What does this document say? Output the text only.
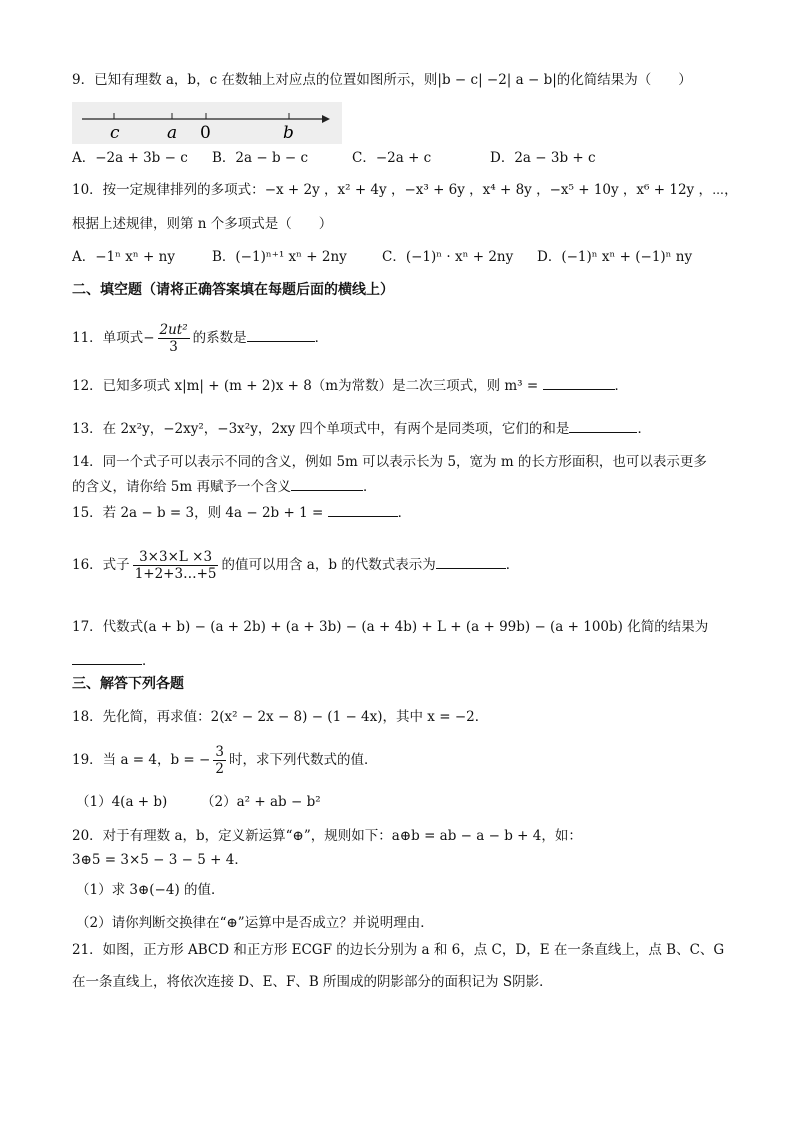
9．已知有理数 a，b，c 在数轴上对应点的位置如图所示，则|b − c| −2| a − b|的化简结果为（　　）
c	a 0	b
A．−2a + 3b − c B．2a − b − c	C．−2a + c	D．2a − 3b + c
10．按一定规律排列的多项式：−x + 2y ，x² + 4y ，−x³ + 6y ，x⁴ + 8y ，−x⁵ + 10y ，x⁶ + 12y ，⋯，
根据上述规律，则第 n 个多项式是（　　）
A．−1ⁿ xⁿ + ny	B．(−1)ⁿ⁺¹ xⁿ + 2ny	C．(−1)ⁿ · xⁿ + 2ny D．(−1)ⁿ xⁿ + (−1)ⁿ ny
二、填空题（请将正确答案填在每题后面的横线上）
11．单项式− $\frac{\text{2ut²}}{3}$ 的系数是	．
12．已知多项式 x|m| + (m + 2)x + 8（m为常数）是二次三项式，则 m³ =	．
13．在 2x²y，−2xy²，−3x²y，2xy 四个单项式中，有两个是同类项，它们的和是	．
14．同一个式子可以表示不同的含义，例如 5m 可以表示长为 5，宽为 m 的长方形面积，也可以表示更多
的含义，请你给 5m 再赋予一个含义	．
15．若 2a − b = 3，则 4a − 2b + 1 =	．
16．式子 $\frac{3\times 3\times L \times 3}{1+2+3\dots+5}$ 的值可以用含 a，b 的代数式表示为	．
17．代数式(a + b) − (a + 2b) + (a + 3b) − (a + 4b) + L + (a + 99b) − (a + 100b) 化简的结果为
．
三、解答下列各题
18．先化简，再求值：2(x² − 2x − 8) − (1 − 4x)，其中 x = −2．
19．当 a = 4，b = − $\frac{3}{2}$ 时，求下列代数式的值．
（1）4(a + b)　　　（2）a² + ab − b²
20．对于有理数 a，b，定义新运算“⊕”，规则如下：a⊕b = ab − a − b + 4，如：
3⊕5 = 3×5 − 3 − 5 + 4．
（1）求 3⊕(−4) 的值．
（2）请你判断交换律在“⊕”运算中是否成立？并说明理由．
21．如图，正方形 ABCD 和正方形 ECGF 的边长分别为 a 和 6，点 C，D，E 在一条直线上，点 B、C、G
在一条直线上，将依次连接 D、E、F、B 所围成的阴影部分的面积记为 S阴影．
